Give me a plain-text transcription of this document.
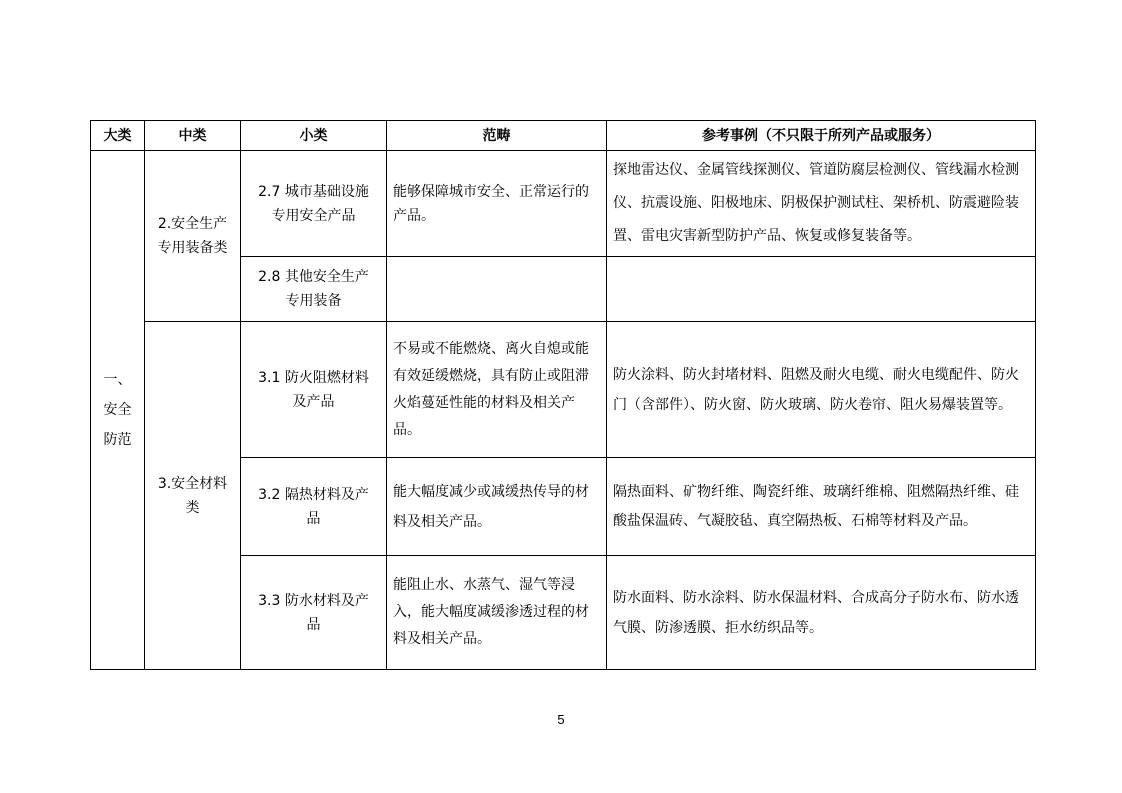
大类	中类	小类	范畴	参考事例（不只限于所列产品或服务）
一、安全防范	2.安全生产专用装备类	2.7 城市基础设施专用安全产品	能够保障城市安全、正常运行的产品。	探地雷达仪、金属管线探测仪、管道防腐层检测仪、管线漏水检测仪、抗震设施、阳极地床、阴极保护测试柱、架桥机、防震避险装置、雷电灾害新型防护产品、恢复或修复装备等。
		2.8 其他安全生产专用装备		
	3.安全材料类	3.1 防火阻燃材料及产品	不易或不能燃烧、离火自熄或能有效延缓燃烧，具有防止或阻滞火焰蔓延性能的材料及相关产品。	防火涂料、防火封堵材料、阻燃及耐火电缆、耐火电缆配件、防火门（含部件）、防火窗、防火玻璃、防火卷帘、阻火易爆装置等。
		3.2 隔热材料及产品	能大幅度减少或减缓热传导的材料及相关产品。	隔热面料、矿物纤维、陶瓷纤维、玻璃纤维棉、阻燃隔热纤维、硅酸盐保温砖、气凝胶毡、真空隔热板、石棉等材料及产品。
		3.3 防水材料及产品	能阻止水、水蒸气、湿气等浸入，能大幅度减缓渗透过程的材料及相关产品。	防水面料、防水涂料、防水保温材料、合成高分子防水布、防水透气膜、防渗透膜、拒水纺织品等。
5
